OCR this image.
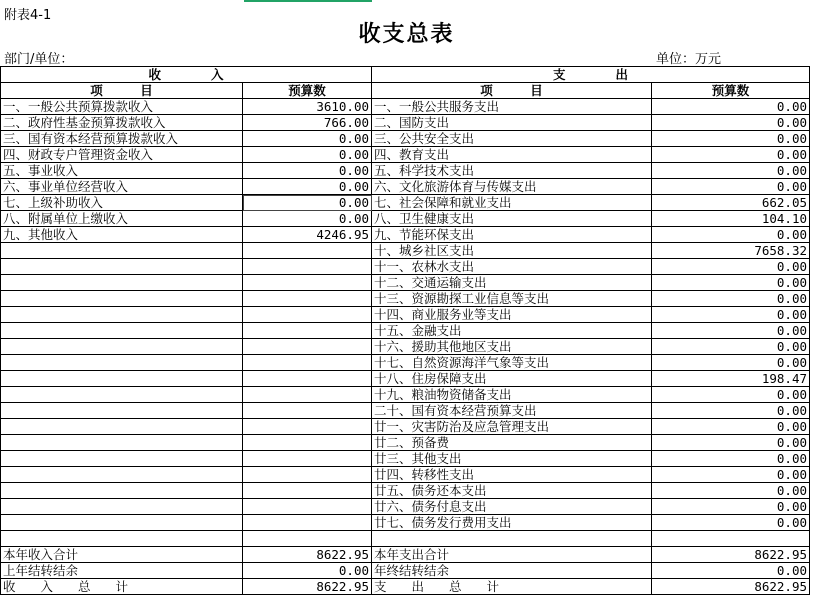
附表4-1
收支总表
部门/单位：	单位：万元
收　　　　入		支　　　　出	
项　　　目	预算数	项　　　目	预算数
一、一般公共预算拨款收入	3610.00	一、一般公共服务支出	0.00
二、政府性基金预算拨款收入	766.00	二、国防支出	0.00
三、国有资本经营预算拨款收入	0.00	三、公共安全支出	0.00
四、财政专户管理资金收入	0.00	四、教育支出	0.00
五、事业收入	0.00	五、科学技术支出	0.00
六、事业单位经营收入	0.00	六、文化旅游体育与传媒支出	0.00
七、上级补助收入	0.00	七、社会保障和就业支出	662.05
八、附属单位上缴收入	0.00	八、卫生健康支出	104.10
九、其他收入	4246.95	九、节能环保支出	0.00
		十、城乡社区支出	7658.32
		十一、农林水支出	0.00
		十二、交通运输支出	0.00
		十三、资源勘探工业信息等支出	0.00
		十四、商业服务业等支出	0.00
		十五、金融支出	0.00
		十六、援助其他地区支出	0.00
		十七、自然资源海洋气象等支出	0.00
		十八、住房保障支出	198.47
		十九、粮油物资储备支出	0.00
		二十、国有资本经营预算支出	0.00
		廿一、灾害防治及应急管理支出	0.00
		廿二、预备费	0.00
		廿三、其他支出	0.00
		廿四、转移性支出	0.00
		廿五、债务还本支出	0.00
		廿六、债务付息支出	0.00
		廿七、债务发行费用支出	0.00

本年收入合计	8622.95	本年支出合计	8622.95
上年结转结余	0.00	年终结转结余	0.00
收　　入　　总　　计	8622.95	支　　出　　总　　计	8622.95
